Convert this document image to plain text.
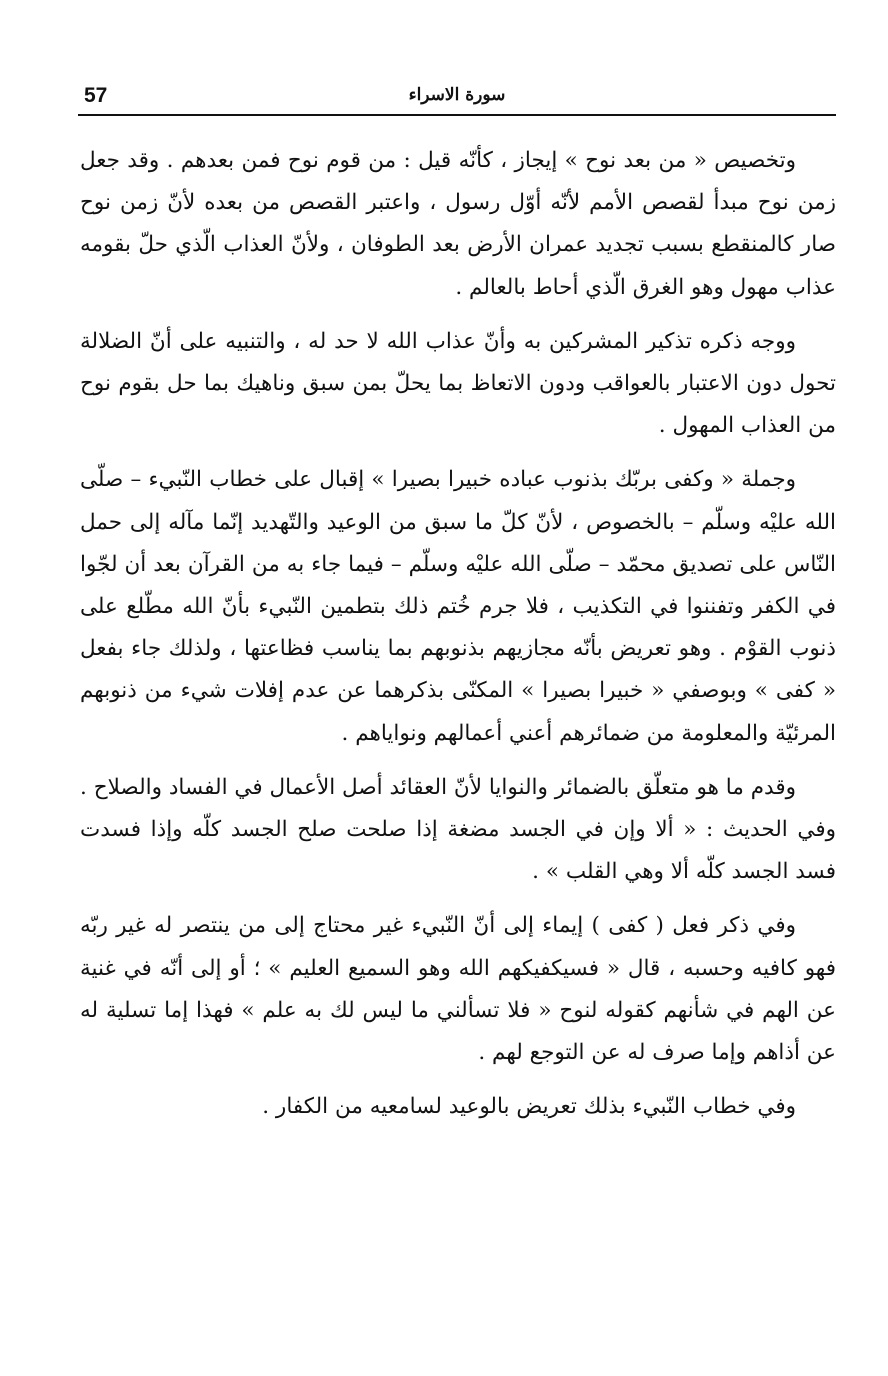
57	سورة الاسراء

وتخصيص « من بعد نوح » إيجاز ، كأنّه قيل : من قوم نوح فمن بعدهم . وقد جعل زمن نوح مبدأ لقصص الأمم لأنّه أوّل رسول ، واعتبر القصص من بعده لأنّ زمن نوح صار كالمنقطع بسبب تجديد عمران الأرض بعد الطوفان ، ولأنّ العذاب الّذي حلّ بقومه عذاب مهول وهو الغرق الّذي أحاط بالعالم .

ووجه ذكره تذكير المشركين به وأنّ عذاب الله لا حد له ، والتنبيه على أنّ الضلالة تحول دون الاعتبار بالعواقب ودون الاتعاظ بما يحلّ بمن سبق وناهيك بما حل بقوم نوح من العذاب المهول .

وجملة « وكفى بربّك بذنوب عباده خبيرا بصيرا » إقبال على خطاب النّبيء – صلّى الله عليْه وسلّم – بالخصوص ، لأنّ كلّ ما سبق من الوعيد والتّهديد إنّما مآله إلى حمل النّاس على تصديق محمّد – صلّى الله عليْه وسلّم – فيما جاء به من القرآن بعد أن لجّوا في الكفر وتفننوا في التكذيب ، فلا جرم خُتم ذلك بتطمين النّبيء بأنّ الله مطّلع على ذنوب القوْم . وهو تعريض بأنّه مجازيهم بذنوبهم بما يناسب فظاعتها ، ولذلك جاء بفعل « كفى » وبوصفي « خبيرا بصيرا » المكنّى بذكرهما عن عدم إفلات شيء من ذنوبهم المرئيّة والمعلومة من ضمائرهم أعني أعمالهم ونواياهم .

وقدم ما هو متعلّق بالضمائر والنوايا لأنّ العقائد أصل الأعمال في الفساد والصلاح . وفي الحديث : « ألا وإن في الجسد مضغة إذا صلحت صلح الجسد كلّه وإذا فسدت فسد الجسد كلّه ألا وهي القلب » .

وفي ذكر فعل ( كفى ) إيماء إلى أنّ النّبيء غير محتاج إلى من ينتصر له غير ربّه فهو كافيه وحسبه ، قال « فسيكفيكهم الله وهو السميع العليم » ؛ أو إلى أنّه في غنية عن الهم في شأنهم كقوله لنوح « فلا تسألني ما ليس لك به علم » فهذا إما تسلية له عن أذاهم وإما صرف له عن التوجع لهم .

وفي خطاب النّبيء بذلك تعريض بالوعيد لسامعيه من الكفار .
